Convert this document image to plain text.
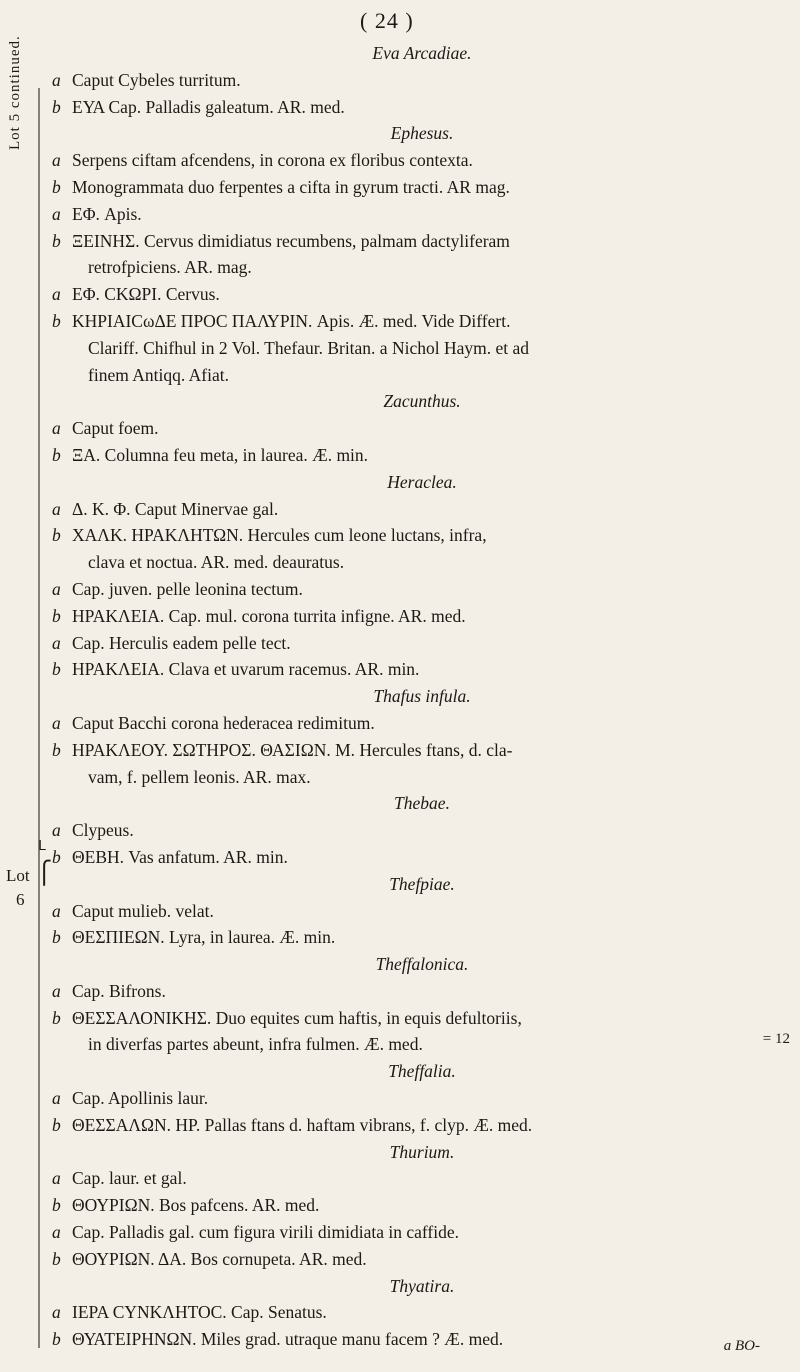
Lot 5 continued.
ᒪ
Lot ⎧
6
( 24 )
Eva Arcadiae.
a Caput Cybeles turritum.
b ΕΥΑ Cap. Palladis galeatum. AR. med.
Ephesus.
a Serpens ciftam afcendens, in corona ex floribus contexta.
b Monogrammata duo ferpentes a cifta in gyrum tracti. AR mag.
a ΕΦ. Apis.
b ΞΕΙΝΗΣ. Cervus dimidiatus recumbens, palmam dactyliferam
retrofpiciens. AR. mag.
a ΕΦ. CΚΩΡΙ. Cervus.
b ΚΗΡΙΑΙCωΔΕ ΠΡΟC ΠΑΛΥΡΙΝ. Apis. Æ. med. Vide Differt.
Clariff. Chifhul in 2 Vol. Thefaur. Britan. a Nichol Haym. et ad
finem Antiqq. Afiat.
Zacunthus.
a Caput foem.
b ΞΑ. Columna feu meta, in laurea. Æ. min.
Heraclea.
a Δ. Κ. Φ. Caput Minervae gal.
b ΧΑΛΚ. ΗΡΑΚΛΗΤΩΝ. Hercules cum leone luctans, infra,
clava et noctua. AR. med. deauratus.
a Cap. juven. pelle leonina tectum.
b ΗΡΑΚΛΕΙΑ. Cap. mul. corona turrita infigne. AR. med.
a Cap. Herculis eadem pelle tect.
b ΗΡΑΚΛΕΙΑ. Clava et uvarum racemus. AR. min.
Thafus infula.
a Caput Bacchi corona hederacea redimitum.
b ΗΡΑΚΛΕΟΥ. ΣΩΤΗΡΟΣ. ΘΑΣΙΩΝ. Μ. Hercules ftans, d. cla-
vam, f. pellem leonis. AR. max.
Thebae.
a Clypeus.
b ΘΕΒΗ. Vas anfatum. AR. min.
Thefpiae.
a Caput mulieb. velat.
b ΘΕΣΠΙΕΩΝ. Lyra, in laurea. Æ. min.
Theffalonica.
a Cap. Bifrons.
b ΘΕΣΣΑΛΟΝΙΚΗΣ. Duo equites cum haftis, in equis defultoriis,
in diverfas partes abeunt, infra fulmen. Æ. med.
Theffalia.
a Cap. Apollinis laur.
b ΘΕΣΣΑΛΩΝ. ΗΡ. Pallas ftans d. haftam vibrans, f. clyp. Æ. med.
Thurium.
a Cap. laur. et gal.
b ΘΟΥΡΙΩΝ. Bos pafcens. AR. med.
a Cap. Palladis gal. cum figura virili dimidiata in caffide.
b ΘΟΥΡΙΩΝ. ΔΑ. Bos cornupeta. AR. med.
Thyatira.
a ΙΕΡΑ CΥΝΚΛΗΤΟC. Cap. Senatus.
b ΘΥΑΤΕΙΡΗΝΩΝ. Miles grad. utraque manu facem ? Æ. med.
= 12
a BO-
